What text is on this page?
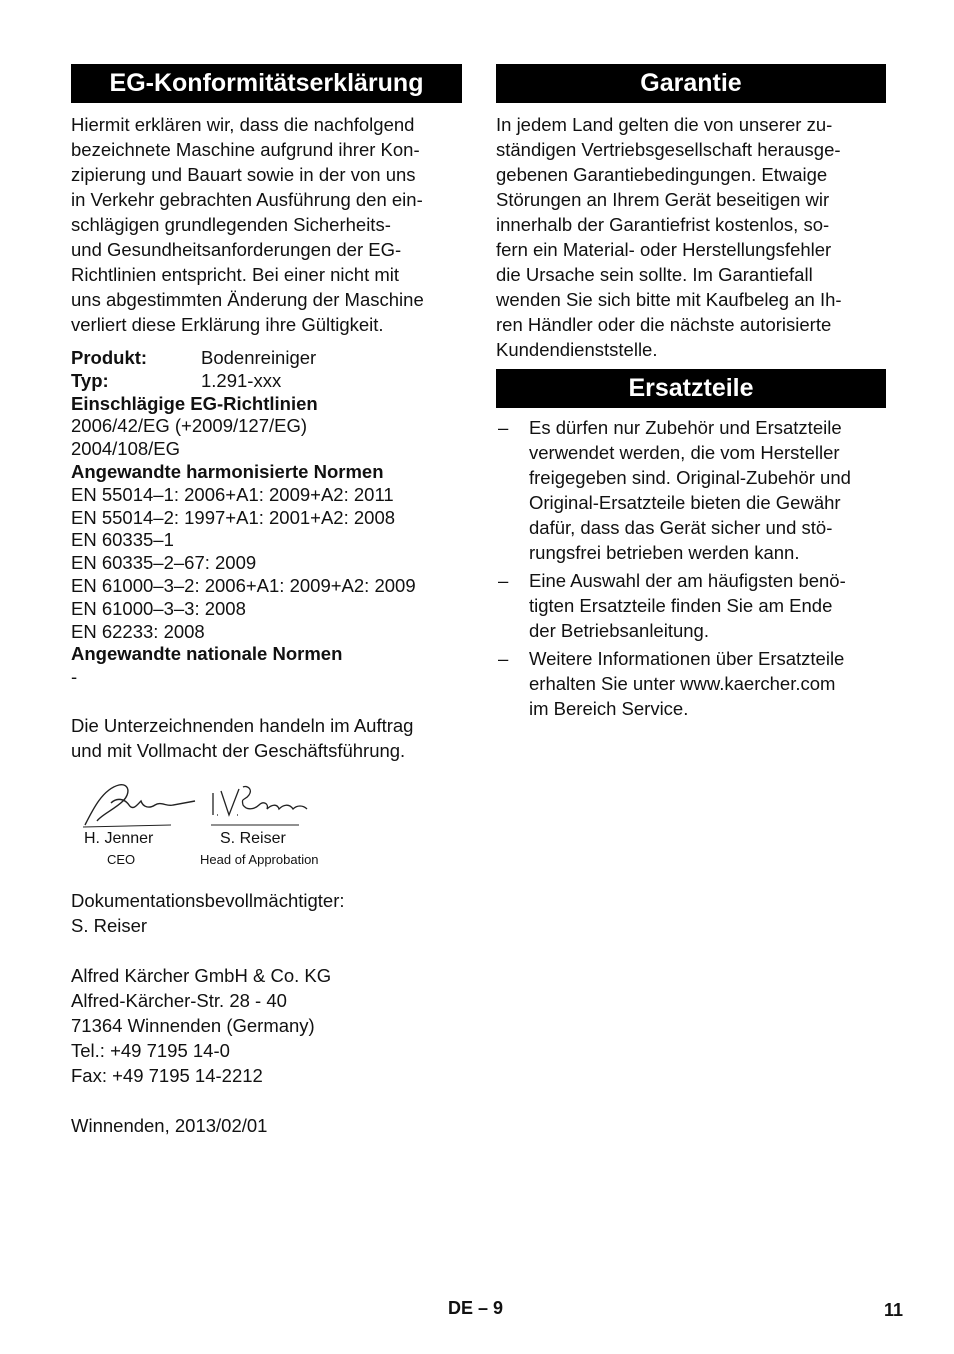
EG-Konformitätserklärung

Hiermit erklären wir, dass die nachfolgend
bezeichnete Maschine aufgrund ihrer Kon-
zipierung und Bauart sowie in der von uns
in Verkehr gebrachten Ausführung den ein-
schlägigen grundlegenden Sicherheits-
und Gesundheitsanforderungen der EG-
Richtlinien entspricht. Bei einer nicht mit
uns abgestimmten Änderung der Maschine
verliert diese Erklärung ihre Gültigkeit.

Produkt:	Bodenreiniger
Typ:	1.291-xxx
Einschlägige EG-Richtlinien
2006/42/EG (+2009/127/EG)
2004/108/EG
Angewandte harmonisierte Normen
EN 55014–1: 2006+A1: 2009+A2: 2011
EN 55014–2: 1997+A1: 2001+A2: 2008
EN 60335–1
EN 60335–2–67: 2009
EN 61000–3–2: 2006+A1: 2009+A2: 2009
EN 61000–3–3: 2008
EN 62233: 2008
Angewandte nationale Normen
-
Die Unterzeichnenden handeln im Auftrag
und mit Vollmacht der Geschäftsführung.
H. Jenner
CEO
S. Reiser
Head of Approbation
Dokumentationsbevollmächtigter:
S. Reiser
Alfred Kärcher GmbH & Co. KG
Alfred-Kärcher-Str. 28 - 40
71364 Winnenden (Germany)
Tel.: +49 7195 14-0
Fax: +49 7195 14-2212
Winnenden, 2013/02/01
Garantie

In jedem Land gelten die von unserer zu-
ständigen Vertriebsgesellschaft herausge-
gebenen Garantiebedingungen. Etwaige
Störungen an Ihrem Gerät beseitigen wir
innerhalb der Garantiefrist kostenlos, so-
fern ein Material- oder Herstellungsfehler
die Ursache sein sollte. Im Garantiefall
wenden Sie sich bitte mit Kaufbeleg an Ih-
ren Händler oder die nächste autorisierte
Kundendienststelle.

Ersatzteile
– Es dürfen nur Zubehör und Ersatzteile
verwendet werden, die vom Hersteller
freigegeben sind. Original-Zubehör und
Original-Ersatzteile bieten die Gewähr
dafür, dass das Gerät sicher und stö-
rungsfrei betrieben werden kann.
– Eine Auswahl der am häufigsten benö-
tigten Ersatzteile finden Sie am Ende
der Betriebsanleitung.
– Weitere Informationen über Ersatzteile
erhalten Sie unter www.kaercher.com
im Bereich Service.
DE – 9	11
